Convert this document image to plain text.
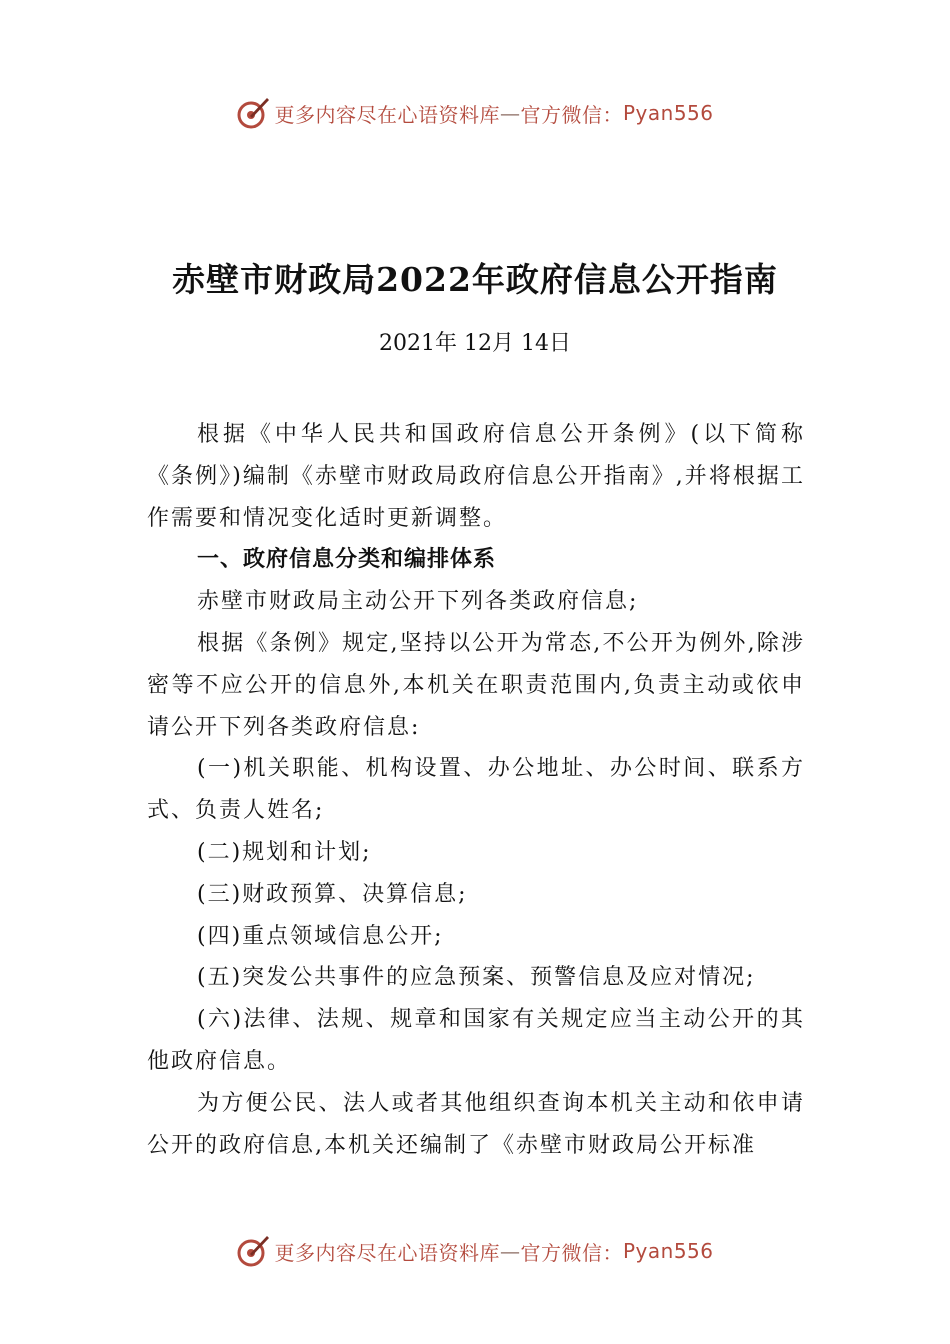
更多内容尽在心语资料库 — 官方微信： Pyan556
赤壁市财政局2022年政府信息公开指南
2021年 12月 14日

根据《中华人民共和国政府信息公开条例》(以下简称《条例》)编制《赤壁市财政局政府信息公开指南》,并将根据工作需要和情况变化适时更新调整。

一、政府信息分类和编排体系

赤壁市财政局主动公开下列各类政府信息;

根据《条例》规定,坚持以公开为常态,不公开为例外,除涉密等不应公开的信息外,本机关在职责范围内,负责主动或依申请公开下列各类政府信息:

(一)机关职能、机构设置、办公地址、办公时间、联系方式、负责人姓名;

(二)规划和计划;

(三)财政预算、决算信息;

(四)重点领域信息公开;

(五)突发公共事件的应急预案、预警信息及应对情况;

(六)法律、法规、规章和国家有关规定应当主动公开的其他政府信息。

为方便公民、法人或者其他组织查询本机关主动和依申请公开的政府信息,本机关还编制了《赤壁市财政局公开标准

更多内容尽在心语资料库 — 官方微信： Pyan556
